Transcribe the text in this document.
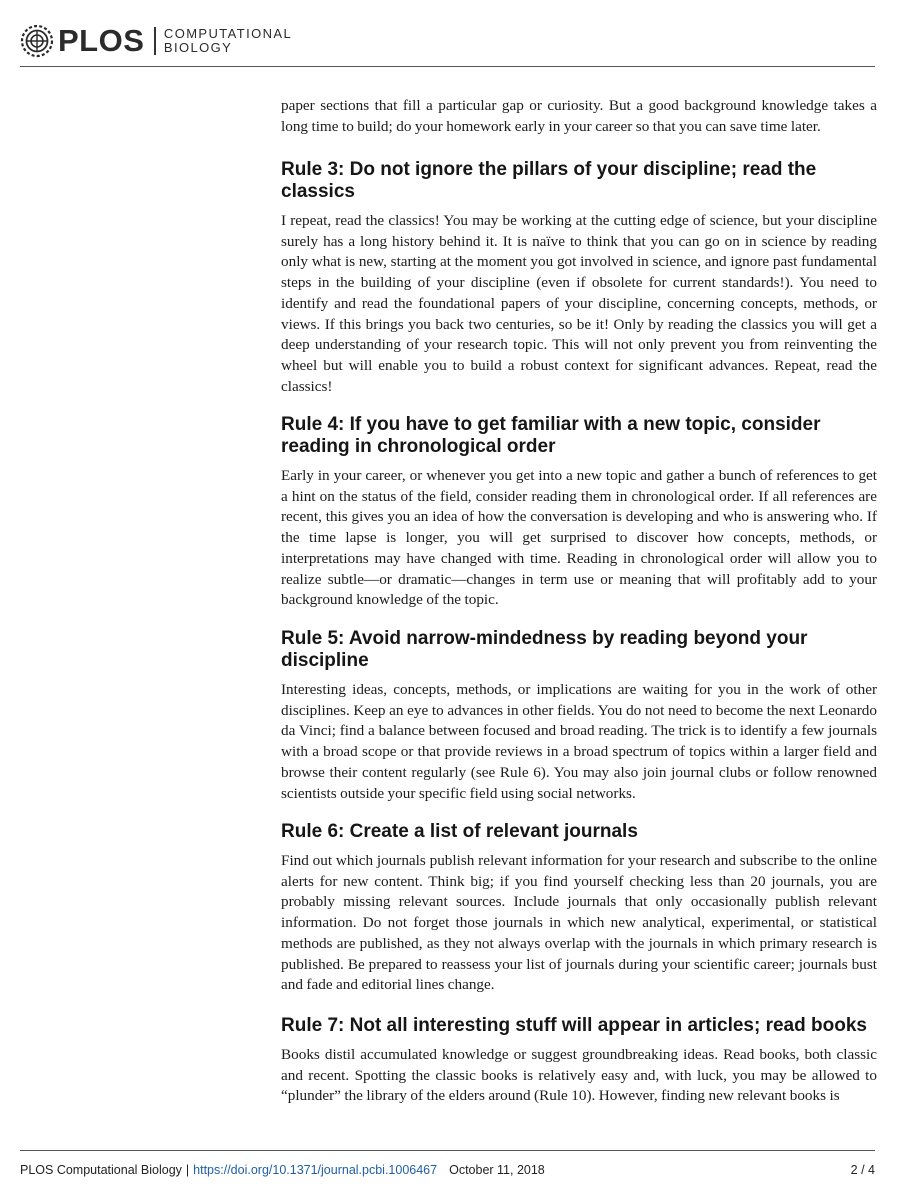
PLOS COMPUTATIONAL
BIOLOGY

paper sections that fill a particular gap or curiosity. But a good background knowledge takes a long time to build; do your homework early in your career so that you can save time later.

Rule 3: Do not ignore the pillars of your discipline; read the classics

I repeat, read the classics! You may be working at the cutting edge of science, but your discipline surely has a long history behind it. It is naïve to think that you can go on in science by reading only what is new, starting at the moment you got involved in science, and ignore past fundamental steps in the building of your discipline (even if obsolete for current standards!). You need to identify and read the foundational papers of your discipline, concerning concepts, methods, or views. If this brings you back two centuries, so be it! Only by reading the classics you will get a deep understanding of your research topic. This will not only prevent you from reinventing the wheel but will enable you to build a robust context for significant advances. Repeat, read the classics!

Rule 4: If you have to get familiar with a new topic, consider reading in chronological order

Early in your career, or whenever you get into a new topic and gather a bunch of references to get a hint on the status of the field, consider reading them in chronological order. If all references are recent, this gives you an idea of how the conversation is developing and who is answering who. If the time lapse is longer, you will get surprised to discover how concepts, methods, or interpretations may have changed with time. Reading in chronological order will allow you to realize subtle—or dramatic—changes in term use or meaning that will profitably add to your background knowledge of the topic.

Rule 5: Avoid narrow-mindedness by reading beyond your discipline

Interesting ideas, concepts, methods, or implications are waiting for you in the work of other disciplines. Keep an eye to advances in other fields. You do not need to become the next Leonardo da Vinci; find a balance between focused and broad reading. The trick is to identify a few journals with a broad scope or that provide reviews in a broad spectrum of topics within a larger field and browse their content regularly (see Rule 6). You may also join journal clubs or follow renowned scientists outside your specific field using social networks.

Rule 6: Create a list of relevant journals

Find out which journals publish relevant information for your research and subscribe to the online alerts for new content. Think big; if you find yourself checking less than 20 journals, you are probably missing relevant sources. Include journals that only occasionally publish relevant information. Do not forget those journals in which new analytical, experimental, or statistical methods are published, as they not always overlap with the journals in which primary research is published. Be prepared to reassess your list of journals during your scientific career; journals bust and fade and editorial lines change.

Rule 7: Not all interesting stuff will appear in articles; read books

Books distil accumulated knowledge or suggest groundbreaking ideas. Read books, both classic and recent. Spotting the classic books is relatively easy and, with luck, you may be allowed to “plunder” the library of the elders around (Rule 10). However, finding new relevant books is

PLOS Computational Biology | https://doi.org/10.1371/journal.pcbi.1006467 October 11, 2018	2 / 4
